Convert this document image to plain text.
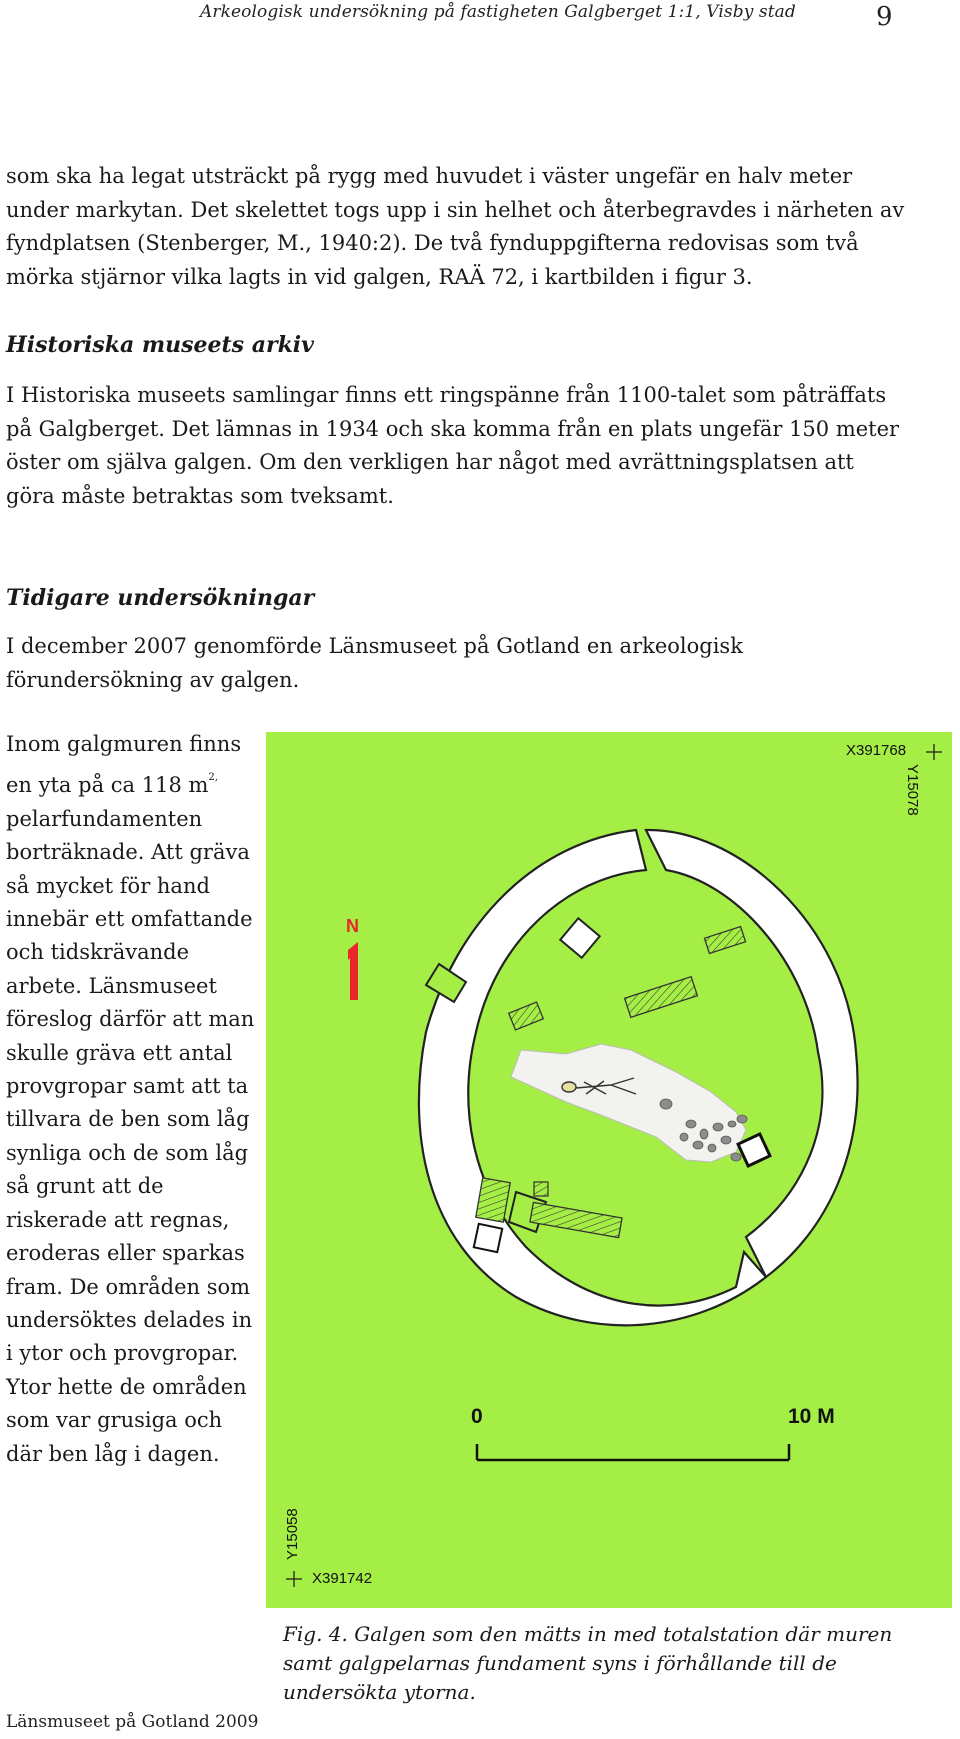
Arkeologisk undersökning på fastigheten Galgberget 1:1, Visby stad	9

som ska ha legat utsträckt på rygg med huvudet i väster ungefär en halv meter under markytan. Det skelettet togs upp i sin helhet och återbegravdes i närheten av fyndplatsen (Stenberger, M., 1940:2). De två fynduppgifterna redovisas som två mörka stjärnor vilka lagts in vid galgen, RAÄ 72, i kartbilden i figur 3.

Historiska museets arkiv

I Historiska museets samlingar finns ett ringspänne från 1100-talet som påträffats på Galgberget. Det lämnas in 1934 och ska komma från en plats ungefär 150 meter öster om själva galgen. Om den verkligen har något med avrättningsplatsen att göra måste betraktas som tveksamt.

Tidigare undersökningar

I december 2007 genomförde Länsmuseet på Gotland en arkeologisk förundersökning av galgen.

Inom galgmuren finns en yta på ca 118 $m^{2,}$ pelarfundamenten borträknade. Att gräva så mycket för hand innebär ett omfattande och tidskrävande arbete. Länsmuseet föreslog därför att man skulle gräva ett antal provgropar samt att ta tillvara de ben som låg synliga och de som låg så grunt att de riskerade att regnas, eroderas eller sparkas fram. De områden som undersöktes delades in i ytor och provgropar. Ytor hette de områden som var grusiga och där ben låg i dagen.

X391768
Y15078
X391742
Y15058
N
0	10 M

Fig. 4. Galgen som den mätts in med totalstation där muren samt galgpelarnas fundament syns i förhållande till de undersökta ytorna.

Länsmuseet på Gotland 2009
